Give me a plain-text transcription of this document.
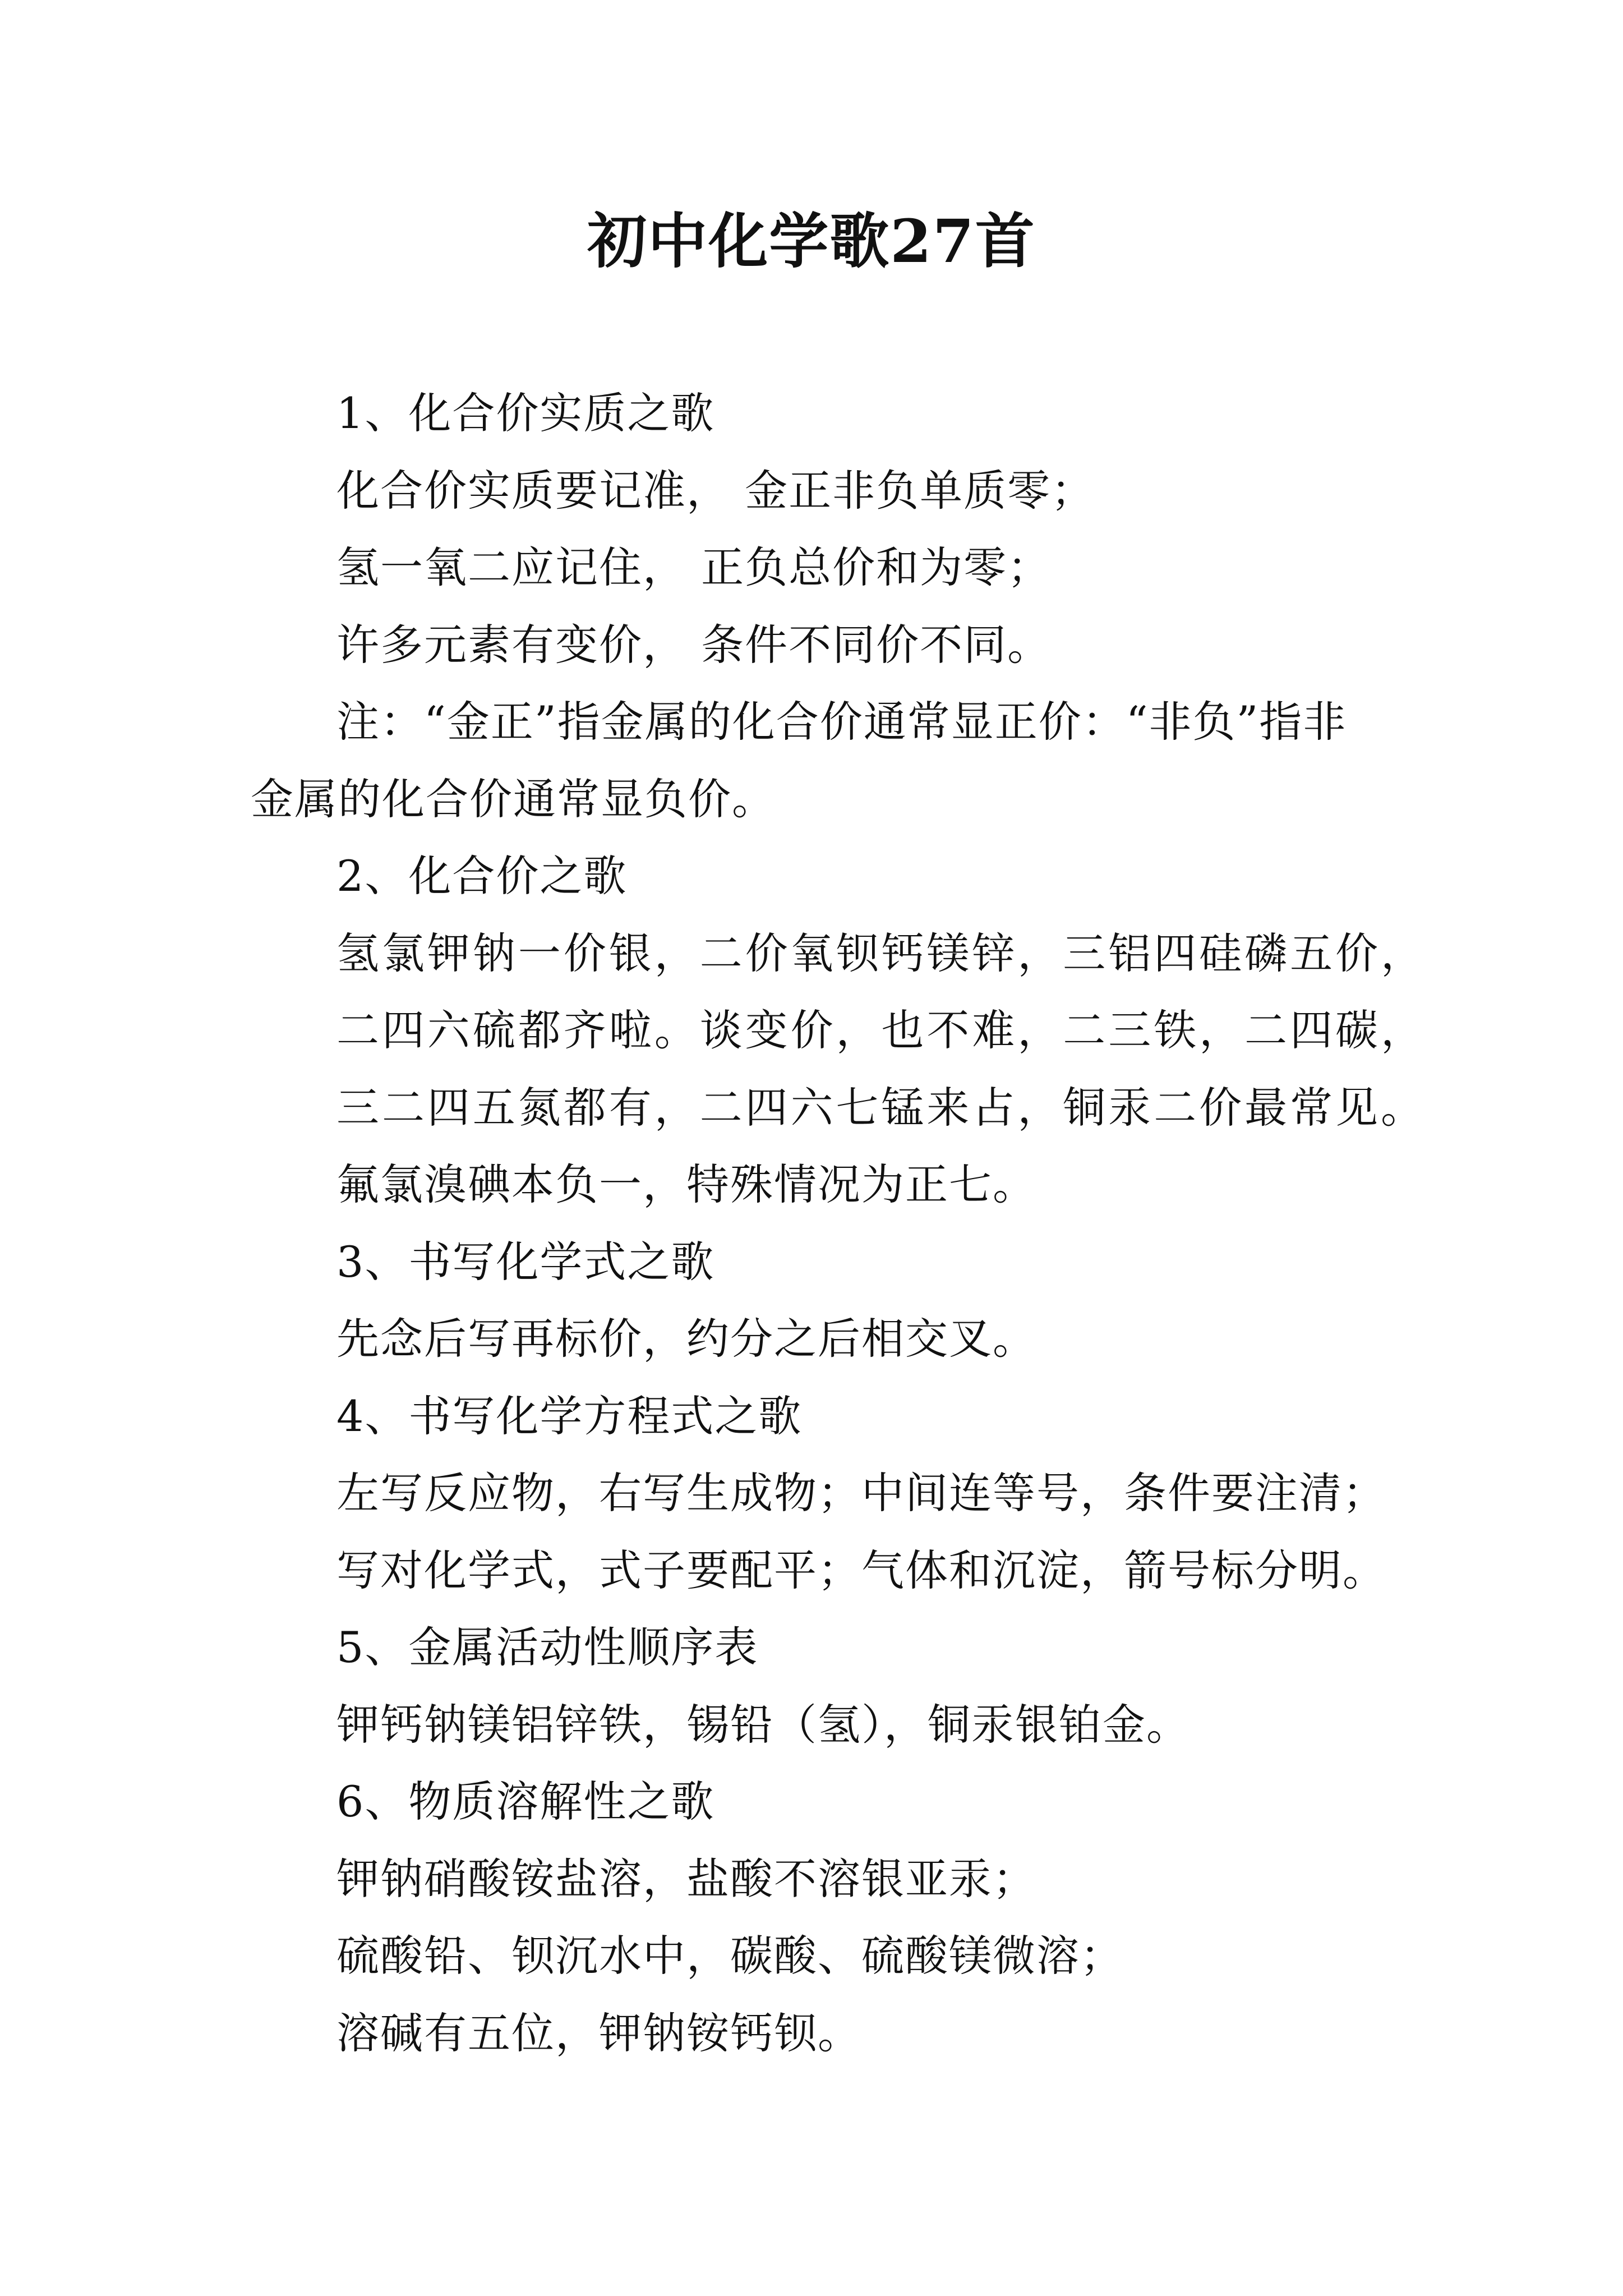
初中化学歌27首
1、化合价实质之歌
化合价实质要记准， 金正非负单质零；
氢一氧二应记住， 正负总价和为零；
许多元素有变价， 条件不同价不同。
注：“金正”指金属的化合价通常显正价：“非负”指非
金属的化合价通常显负价。
2、化合价之歌
氢氯钾钠一价银，二价氧钡钙镁锌，三铝四硅磷五价，
二四六硫都齐啦。谈变价，也不难，二三铁，二四碳，
三二四五氮都有，二四六七锰来占，铜汞二价最常见。
氟氯溴碘本负一，特殊情况为正七。
3、书写化学式之歌
先念后写再标价，约分之后相交叉。
4、书写化学方程式之歌
左写反应物，右写生成物；中间连等号，条件要注清；
写对化学式，式子要配平；气体和沉淀，箭号标分明。
5、金属活动性顺序表
钾钙钠镁铝锌铁，锡铅（氢），铜汞银铂金。
6、物质溶解性之歌
钾钠硝酸铵盐溶，盐酸不溶银亚汞；
硫酸铅、钡沉水中，碳酸、硫酸镁微溶；
溶碱有五位，钾钠铵钙钡。
